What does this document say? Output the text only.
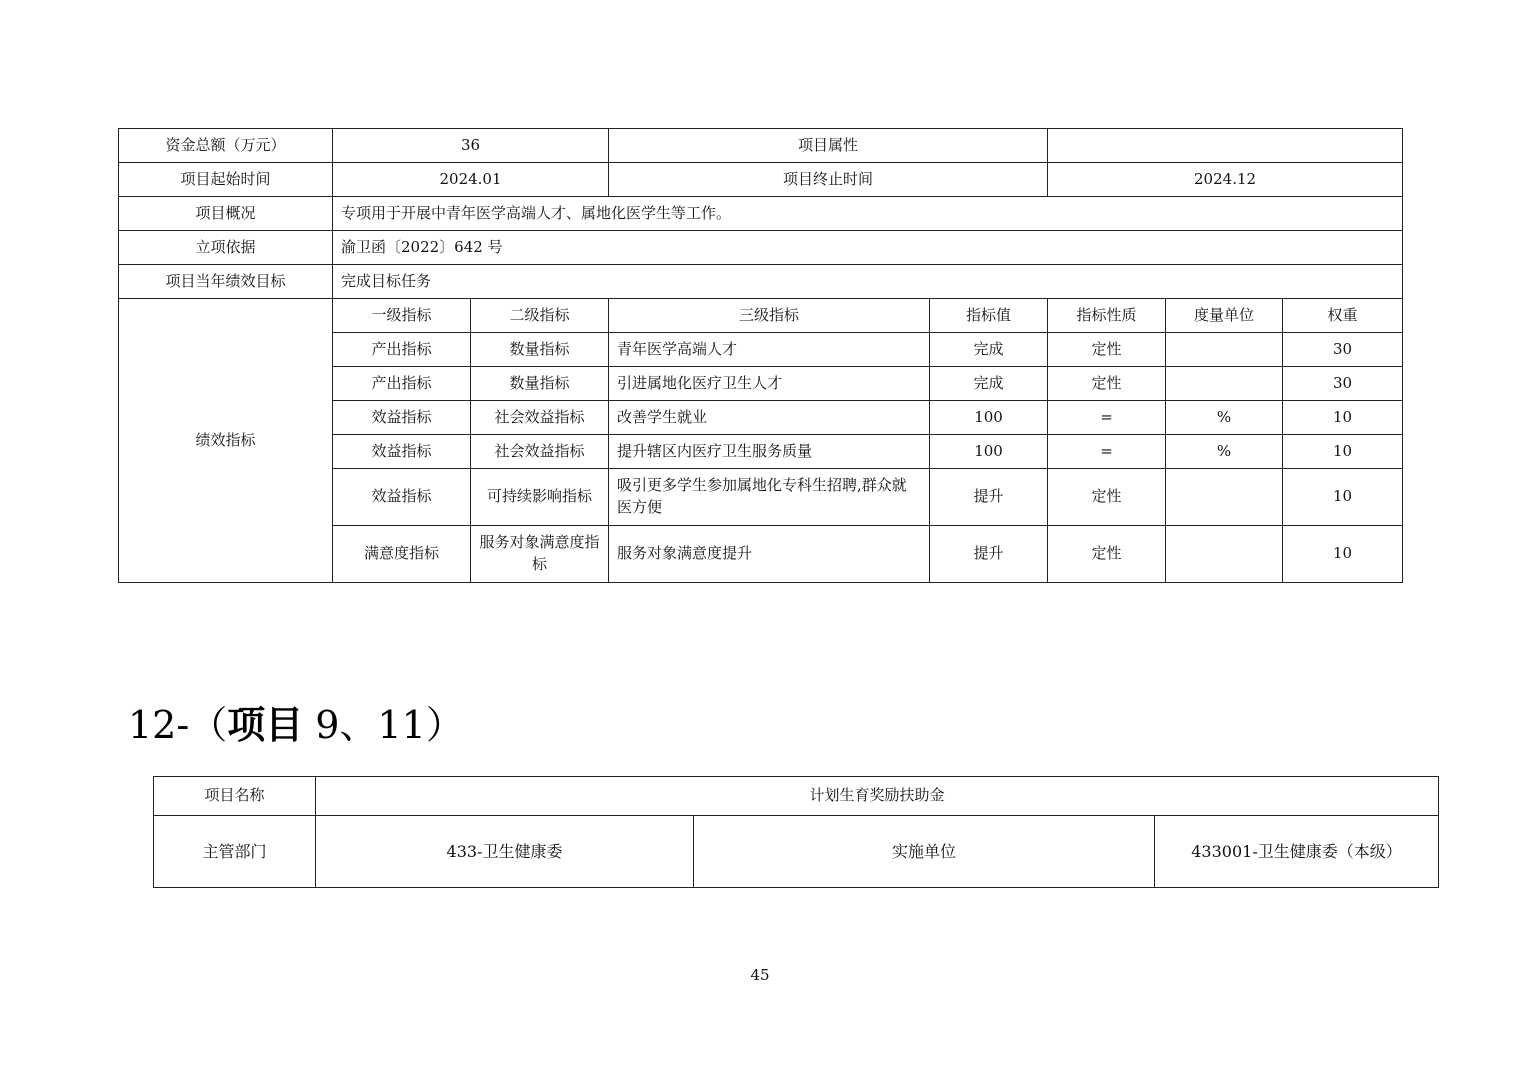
资金总额（万元）	36		项目属性				
项目起始时间	2024.01		项目终止时间		2024.12		
项目概况	专项用于开展中青年医学高端人才、属地化医学生等工作。						
立项依据	渝卫函〔2022〕642 号						
项目当年绩效目标	完成目标任务						
绩效指标	一级指标	二级指标	三级指标	指标值	指标性质	度量单位	权重
	产出指标	数量指标	青年医学高端人才	完成	定性		30
	产出指标	数量指标	引进属地化医疗卫生人才	完成	定性		30
	效益指标	社会效益指标	改善学生就业	100	=	%	10
	效益指标	社会效益指标	提升辖区内医疗卫生服务质量	100	=	%	10
	效益指标	可持续影响指标	吸引更多学生参加属地化专科生招聘,群众就医方便	提升	定性		10
	满意度指标	服务对象满意度指标	服务对象满意度提升	提升	定性		10
12-（项目 9、11）
项目名称	计划生育奖励扶助金		
主管部门	433-卫生健康委	实施单位	433001-卫生健康委（本级）
45
